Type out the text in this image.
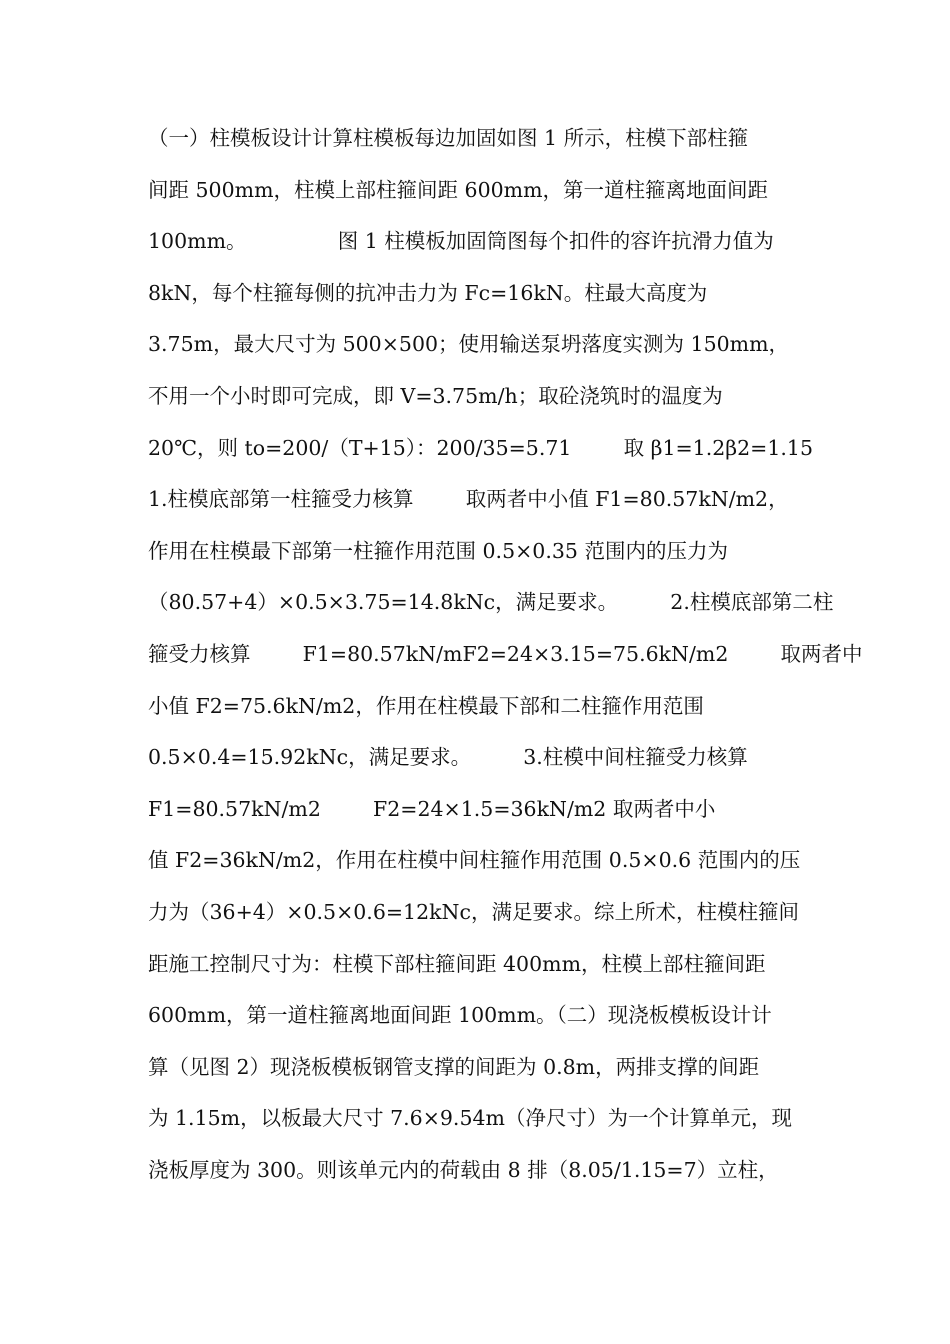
（一）柱模板设计计算柱模板每边加固如图 1 所示，柱模下部柱箍
间距 500mm，柱模上部柱箍间距 600mm，第一道柱箍离地面间距
100mm。              图 1 柱模板加固筒图每个扣件的容许抗滑力值为
8kN，每个柱箍每侧的抗冲击力为 Fc=16kN。柱最大高度为
3.75m，最大尺寸为 500×500；使用输送泵坍落度实测为 150mm，
不用一个小时即可完成，即 V=3.75m/h；取砼浇筑时的温度为
20℃，则 to=200/（T+15）：200/35=5.71        取 β1=1.2β2=1.15
1.柱模底部第一柱箍受力核算        取两者中小值 F1=80.57kN/m2，
作用在柱模最下部第一柱箍作用范围 0.5×0.35 范围内的压力为
（80.57+4）×0.5×3.75=14.8kNc，满足要求。        2.柱模底部第二柱
箍受力核算        F1=80.57kN/mF2=24×3.15=75.6kN/m2        取两者中
小值 F2=75.6kN/m2，作用在柱模最下部和二柱箍作用范围
0.5×0.4=15.92kNc，满足要求。        3.柱模中间柱箍受力核算
F1=80.57kN/m2        F2=24×1.5=36kN/m2 取两者中小
值 F2=36kN/m2，作用在柱模中间柱箍作用范围 0.5×0.6 范围内的压
力为（36+4）×0.5×0.6=12kNc，满足要求。综上所术，柱模柱箍间
距施工控制尺寸为：柱模下部柱箍间距 400mm，柱模上部柱箍间距
600mm，第一道柱箍离地面间距 100mm。（二）现浇板模板设计计
算（见图 2）现浇板模板钢管支撑的间距为 0.8m，两排支撑的间距
为 1.15m，以板最大尺寸 7.6×9.54m（净尺寸）为一个计算单元，现
浇板厚度为 300。则该单元内的荷载由 8 排（8.05/1.15=7）立柱，
